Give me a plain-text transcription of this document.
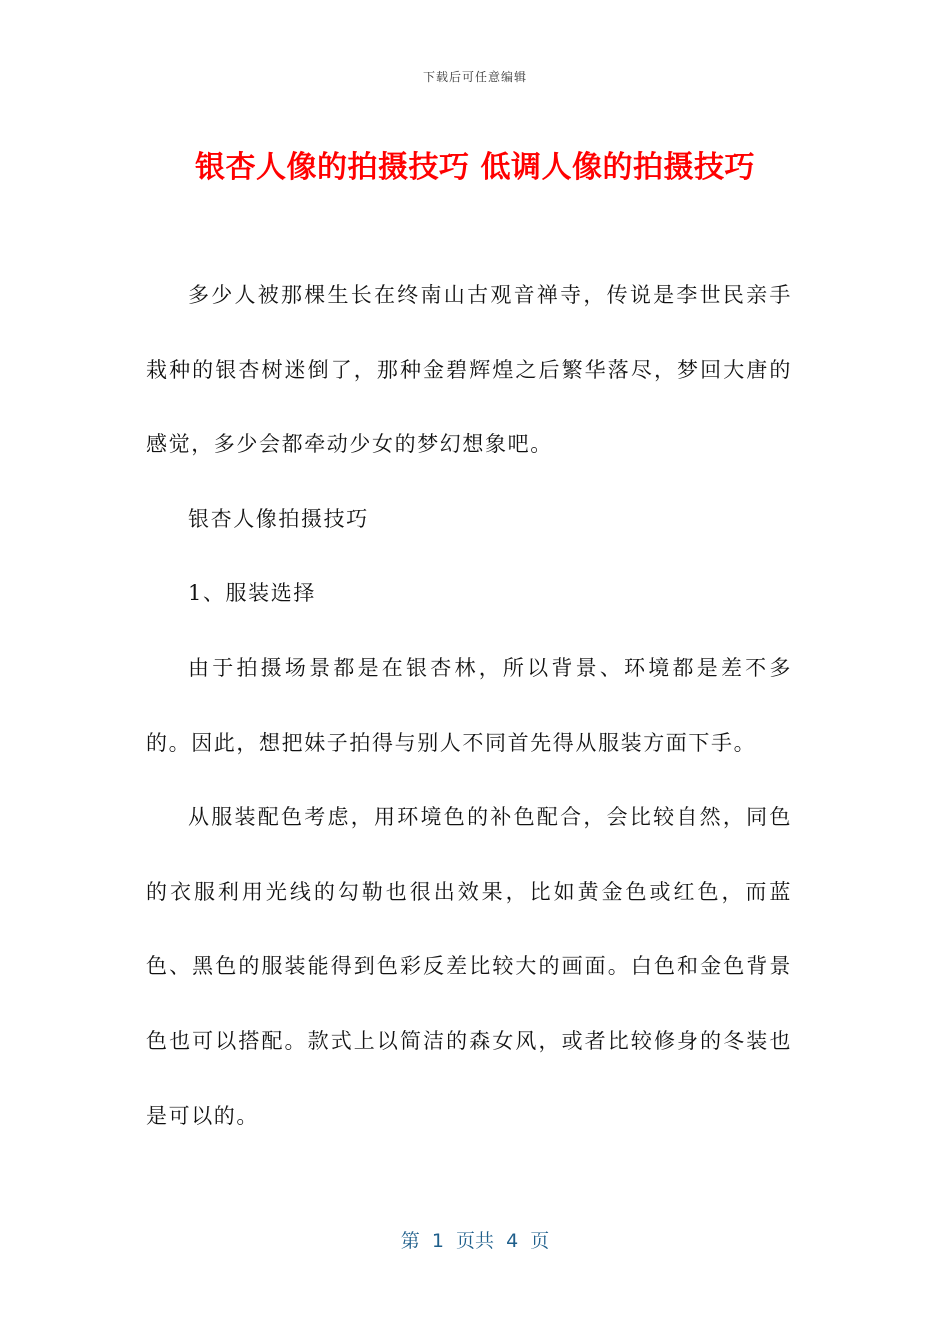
下载后可任意编辑
银杏人像的拍摄技巧 低调人像的拍摄技巧

多少人被那棵生长在终南山古观音禅寺，传说是李世民亲手栽种的银杏树迷倒了，那种金碧辉煌之后繁华落尽，梦回大唐的感觉，多少会都牵动少女的梦幻想象吧。

银杏人像拍摄技巧

1、服装选择

由于拍摄场景都是在银杏林，所以背景、环境都是差不多的。因此，想把妹子拍得与别人不同首先得从服装方面下手。

从服装配色考虑，用环境色的补色配合，会比较自然，同色的衣服利用光线的勾勒也很出效果，比如黄金色或红色，而蓝色、黑色的服装能得到色彩反差比较大的画面。白色和金色背景色也可以搭配。款式上以简洁的森女风，或者比较修身的冬装也是可以的。

第  1  页共  4  页
